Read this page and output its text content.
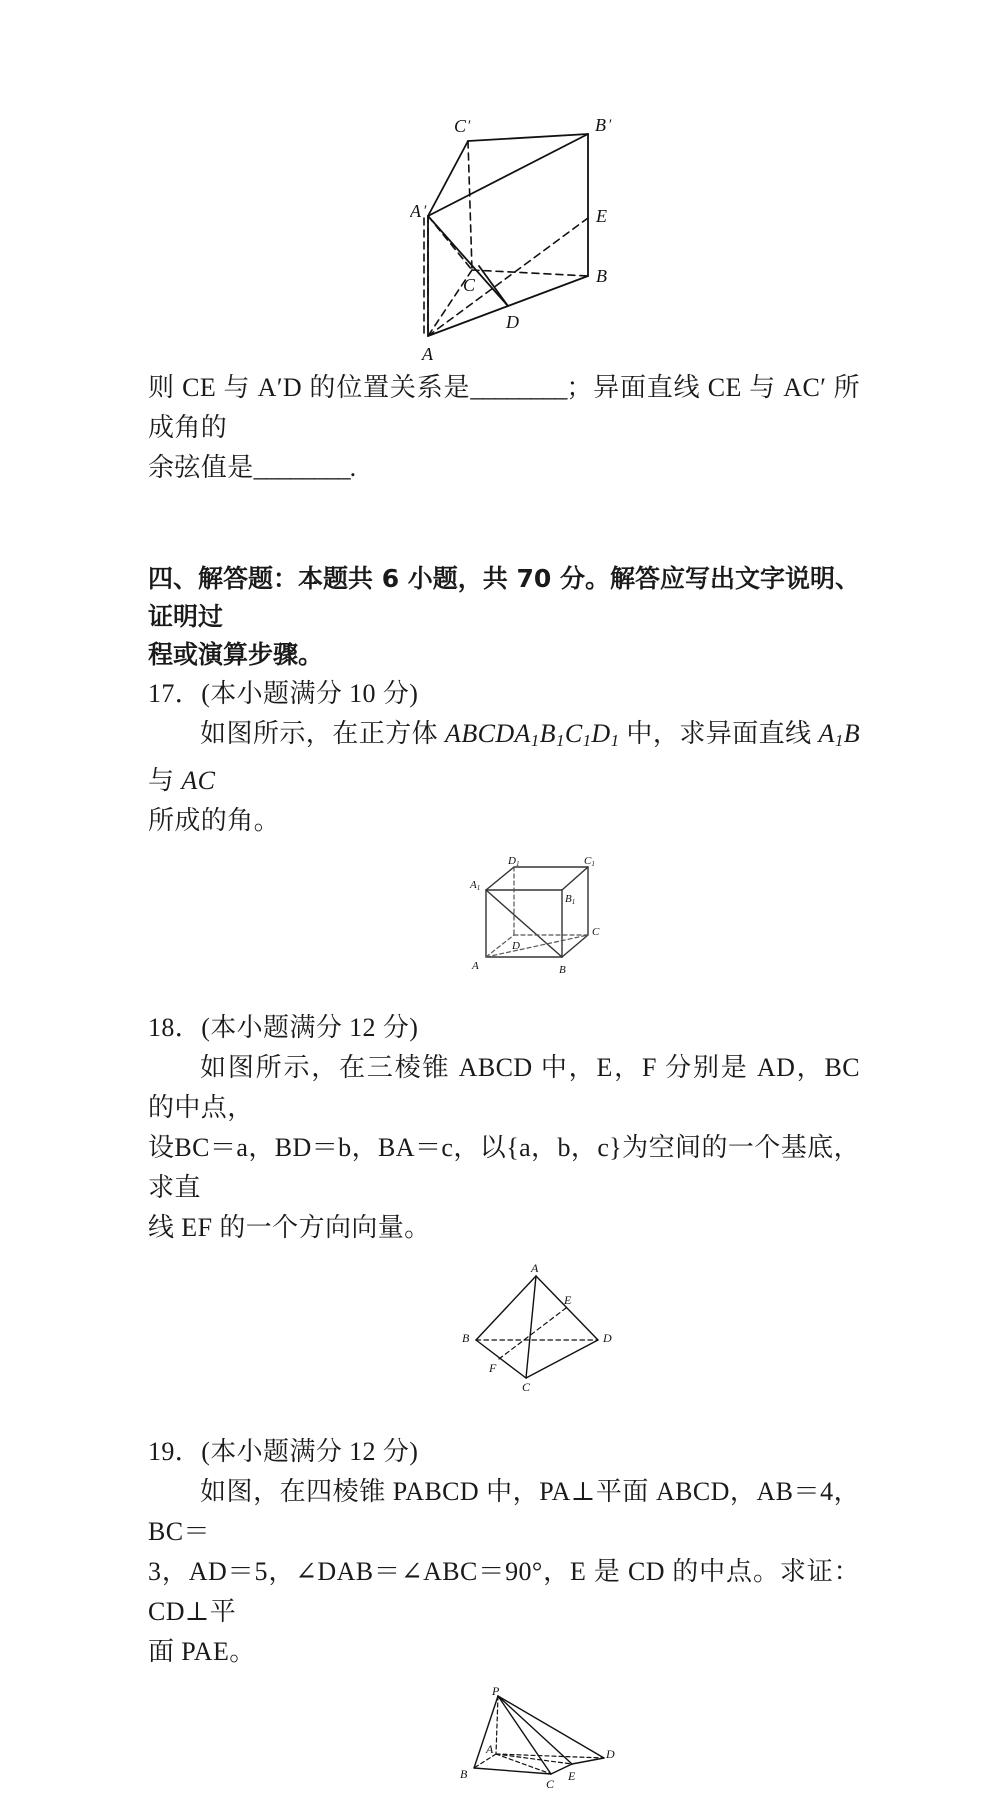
C ′	B ′
A ′	E
C	B
D
A
则 CE 与 A′D 的位置关系是________；异面直线 CE 与 AC′ 所成角的
余弦值是________.
四、解答题：本题共 6 小题，共 70 分。解答应写出文字说明、证明过
程或演算步骤。
17．(本小题满分 10 分)
如图所示，在正方体 $ABCDA_1B_1C_1D_1$ 中，求异面直线 $A_1B$ 与 AC
所成的角。
D1	C1
A1
B1
D
C
A	B
18．(本小题满分 12 分)
如图所示，在三棱锥 ABCD 中，E，F 分别是 AD，BC 的中点，
设BC＝a，BD＝b，BA＝c，以{a，b，c}为空间的一个基底，求直
线 EF 的一个方向向量。
A
E
B	D
F
C
19．(本小题满分 12 分)
如图，在四棱锥 PABCD 中，PA⊥平面 ABCD，AB＝4，BC＝
3，AD＝5，∠DAB＝∠ABC＝90°，E 是 CD 的中点。求证：CD⊥平
面 PAE。
P
A
B
C
E
D
